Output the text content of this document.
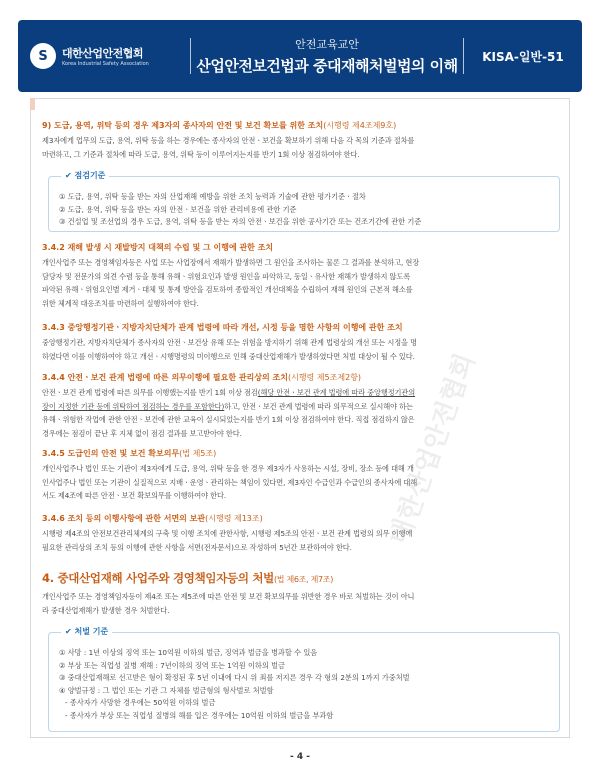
S	대한산업안전협회
Korea Industrial Safety Association
안전교육교안
산업안전보건법과 중대재해처벌법의 이해
KISA-일반-51
대한산업안전협회
9) 도급, 용역, 위탁 등의 경우 제3자의 종사자의 안전 및 보건 확보를 위한 조치(시행령 제4조제9호)
제3자에게 업무의 도급, 용역, 위탁 등을 하는 경우에는 종사자의 안전ㆍ보건을 확보하기 위해 다음 각 목의 기준과 절차를
마련하고, 그 기준과 절차에 따라 도급, 용역, 위탁 등이 이루어지는지를 반기 1회 이상 점검하여야 한다.
✔ 점검기준
① 도급, 용역, 위탁 등을 받는 자의 산업재해 예방을 위한 조치 능력과 기술에 관한 평가기준ㆍ절차
② 도급, 용역, 위탁 등을 받는 자의 안전ㆍ보건을 위한 관리비용에 관한 기준
③ 건설업 및 조선업의 경우 도급, 용역, 위탁 등을 받는 자의 안전ㆍ보건을 위한 공사기간 또는 건조기간에 관한 기준
3.4.2 재해 발생 시 재발방지 대책의 수립 및 그 이행에 관한 조치
개인사업주 또는 경영책임자등은 사업 또는 사업장에서 재해가 발생하면 그 원인을 조사하는 물론 그 결과를 분석하고, 현장
담당자 및 전문가의 의견 수렴 등을 통해 유해ㆍ위험요인과 발생 원인을 파악하고, 동일ㆍ유사한 재해가 발생하지 않도록
파악된 유해ㆍ위험요인별 제거ㆍ대체 및 통제 방안을 검토하여 종합적인 개선대책을 수립하여 재해 원인의 근본적 해소를
위한 체계적 대응조치를 마련하여 실행하여야 한다.
3.4.3 중앙행정기관ㆍ지방자치단체가 관계 법령에 따라 개선, 시정 등을 명한 사항의 이행에 관한 조치
중앙행정기관, 지방자치단체가 종사자의 안전ㆍ보건상 유해 또는 위험을 방지하기 위해 관계 법령상의 개선 또는 시정을 명
하였다면 이를 이행하여야 하고 개선ㆍ시행명령의 미이행으로 인해 중대산업재해가 발생하였다면 처벌 대상이 될 수 있다.
3.4.4 안전ㆍ보건 관계 법령에 따른 의무이행에 필요한 관리상의 조치(시행령 제5조제2항)
안전ㆍ보건 관계 법령에 따른 의무를 이행했는지를 반기 1회 이상 점검(해당 안전ㆍ보건 관계 법령에 따라 중앙행정기관의
장이 지정한 기관 등에 위탁하여 점검하는 경우를 포함한다)하고, 안전ㆍ보건 관계 법령에 따라 의무적으로 실시해야 하는
유해ㆍ위험한 작업에 관한 안전ㆍ보건에 관한 교육이 실시되었는지를 반기 1회 이상 점검하여야 한다. 직접 점검하지 않은
경우에는 점검이 끝난 후 지체 없이 점검 결과를 보고받아야 한다.
3.4.5 도급인의 안전 및 보건 확보의무(법 제5조)
개인사업주나 법인 또는 기관이 제3자에게 도급, 용역, 위탁 등을 한 경우 제3자가 사용하는 시설, 장비, 장소 등에 대해 개
인사업주나 법인 또는 기관이 실질적으로 지배ㆍ운영ㆍ관리하는 책임이 있다면, 제3자인 수급인과 수급인의 종사자에 대해
서도 제4조에 따른 안전ㆍ보건 확보의무를 이행하여야 한다.
3.4.6 조치 등의 이행사항에 관한 서면의 보관(시행령 제13조)
시행령 제4조의 안전보건관리체계의 구축 및 이행 조치에 관한사항, 시행령 제5조의 안전ㆍ보건 관계 법령의 의무 이행에
필요한 관리상의 조치 등의 이행에 관한 사항을 서면(전자문서)으로 작성하여 5년간 보관하여야 한다.
4. 중대산업재해 사업주와 경영책임자등의 처벌(법 제6조, 제7조)
개인사업주 또는 경영책임자등이 제4조 또는 제5조에 따른 안전 및 보건 확보의무를 위반한 경우 바로 처벌하는 것이 아니
라 중대산업재해가 발생한 경우 처벌한다.
✔ 처벌 기준
① 사망 : 1년 이상의 징역 또는 10억원 이하의 벌금, 징역과 벌금을 병과할 수 있음
② 부상 또는 직업성 질병 재해 : 7년이하의 징역 또는 1억원 이하의 벌금
③ 중대산업재해로 선고받은 형이 확정된 후 5년 이내에 다시 위 죄를 저지른 경우 각 형의 2분의 1까지 가중처벌
④ 양벌규정 : 그 법인 또는 기관 그 자체를 벌금형의 형사벌로 처벌함
- 종사자가 사망한 경우에는 50억원 이하의 벌금
- 종사자가 부상 또는 직업성 질병의 해를 입은 경우에는 10억원 이하의 벌금을 부과함
- 4 -
